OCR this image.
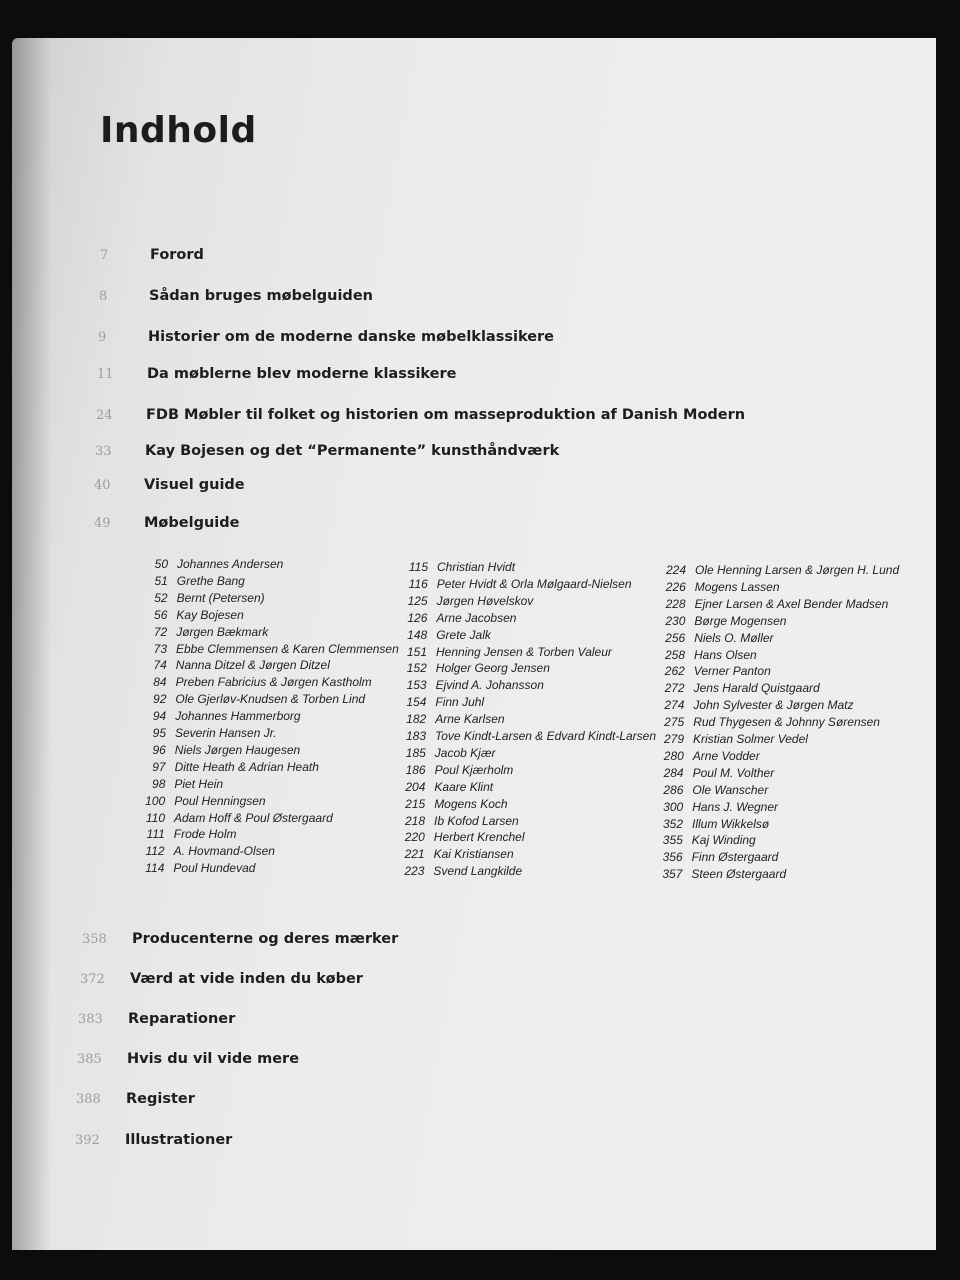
Indhold
7	Forord
8	Sådan bruges møbelguiden
9	Historier om de moderne danske møbelklassikere
11	Da møblerne blev moderne klassikere
24	FDB Møbler til folket og historien om masseproduktion af Danish Modern
33	Kay Bojesen og det “Permanente” kunsthåndværk
40	Visuel guide
49	Møbelguide
358	Producenterne og deres mærker
372	Værd at vide inden du køber
383	Reparationer
385	Hvis du vil vide mere
388	Register
392	Illustrationer
50 Johannes Andersen
51 Grethe Bang
52 Bernt (Petersen)
56 Kay Bojesen
72 Jørgen Bækmark
73 Ebbe Clemmensen & Karen Clemmensen
74 Nanna Ditzel & Jørgen Ditzel
84 Preben Fabricius & Jørgen Kastholm
92 Ole Gjerløv-Knudsen & Torben Lind
94 Johannes Hammerborg
95 Severin Hansen Jr.
96 Niels Jørgen Haugesen
97 Ditte Heath & Adrian Heath
98 Piet Hein
100 Poul Henningsen
110 Adam Hoff & Poul Østergaard
111 Frode Holm
112 A. Hovmand-Olsen
114 Poul Hundevad
115 Christian Hvidt
116 Peter Hvidt & Orla Mølgaard-Nielsen
125 Jørgen Høvelskov
126 Arne Jacobsen
148 Grete Jalk
151 Henning Jensen & Torben Valeur
152 Holger Georg Jensen
153 Ejvind A. Johansson
154 Finn Juhl
182 Arne Karlsen
183 Tove Kindt-Larsen & Edvard Kindt-Larsen
185 Jacob Kjær
186 Poul Kjærholm
204 Kaare Klint
215 Mogens Koch
218 Ib Kofod Larsen
220 Herbert Krenchel
221 Kai Kristiansen
223 Svend Langkilde
224 Ole Henning Larsen & Jørgen H. Lund
226 Mogens Lassen
228 Ejner Larsen & Axel Bender Madsen
230 Børge Mogensen
256 Niels O. Møller
258 Hans Olsen
262 Verner Panton
272 Jens Harald Quistgaard
274 John Sylvester & Jørgen Matz
275 Rud Thygesen & Johnny Sørensen
279 Kristian Solmer Vedel
280 Arne Vodder
284 Poul M. Volther
286 Ole Wanscher
300 Hans J. Wegner
352 Illum Wikkelsø
355 Kaj Winding
356 Finn Østergaard
357 Steen Østergaard
